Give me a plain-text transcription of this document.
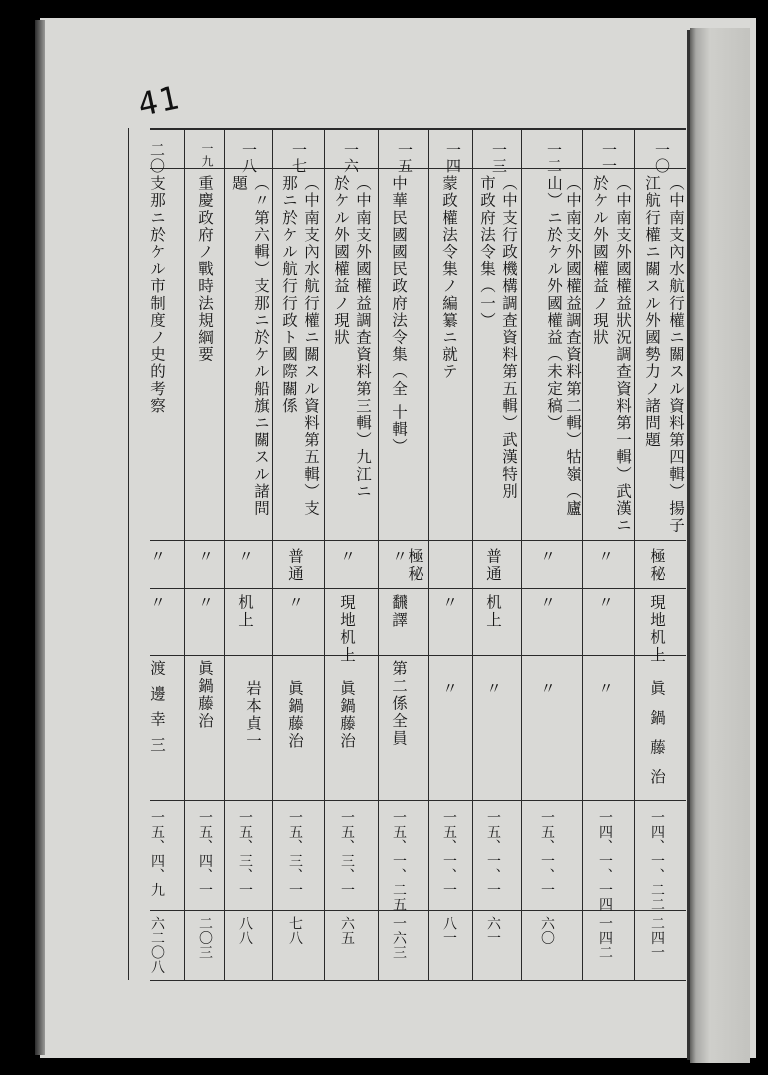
41
一〇
（中南支內水航行權ニ關スル資料第四輯）揚子江航行權ニ關スル外國勢力ノ諸問題
極秘
現地机上
眞鍋藤治
一四、一、二二
二四一
一一
（中南支外國權益狀況調查資料第一輯）武漢ニ於ケル外國權益ノ現狀
〃
〃
〃
一四、一、一四
一四二
一二
（中南支外國權益調査資料第二輯）牯嶺（廬山）ニ於ケル外國權益（未定稿）
〃
〃
〃
一五、一、一
六〇
一三
（中支行政機構調査資料第五輯）武漢特別市政府法令集（一）
普通
机上
〃
一五、一、一
六一
一四
蒙政權法令集ノ編纂ニ就テ
極秘
〃
〃
一五、一、一
八一
一五
中華民國國民政府法令集（全 十輯）
〃
飜譯
第二係全員
一五、一、二五
一六三
一六
（中南支外國權益調査資料第三輯）九江ニ於ケル外國權益ノ現狀
〃
現地机上
眞鍋藤治
一五、三、一
六五
一七
（中南支內水航行權ニ關スル資料第五輯）支那ニ於ケル航行行政ト國際關係
普通
〃
眞鍋藤治
一五、三、一
七八
一八
（〃第六輯）支那ニ於ケル船旗ニ關スル諸問題
〃
机上
岩本貞一
一五、三、一
八八
一九
重慶政府ノ戰時法規綱要
〃
〃
眞鍋藤治
一五、四、一
二〇三
二〇
支那ニ於ケル市制度ノ史的考察
〃
〃
渡邊幸三
一五、四、九
六二〇八
